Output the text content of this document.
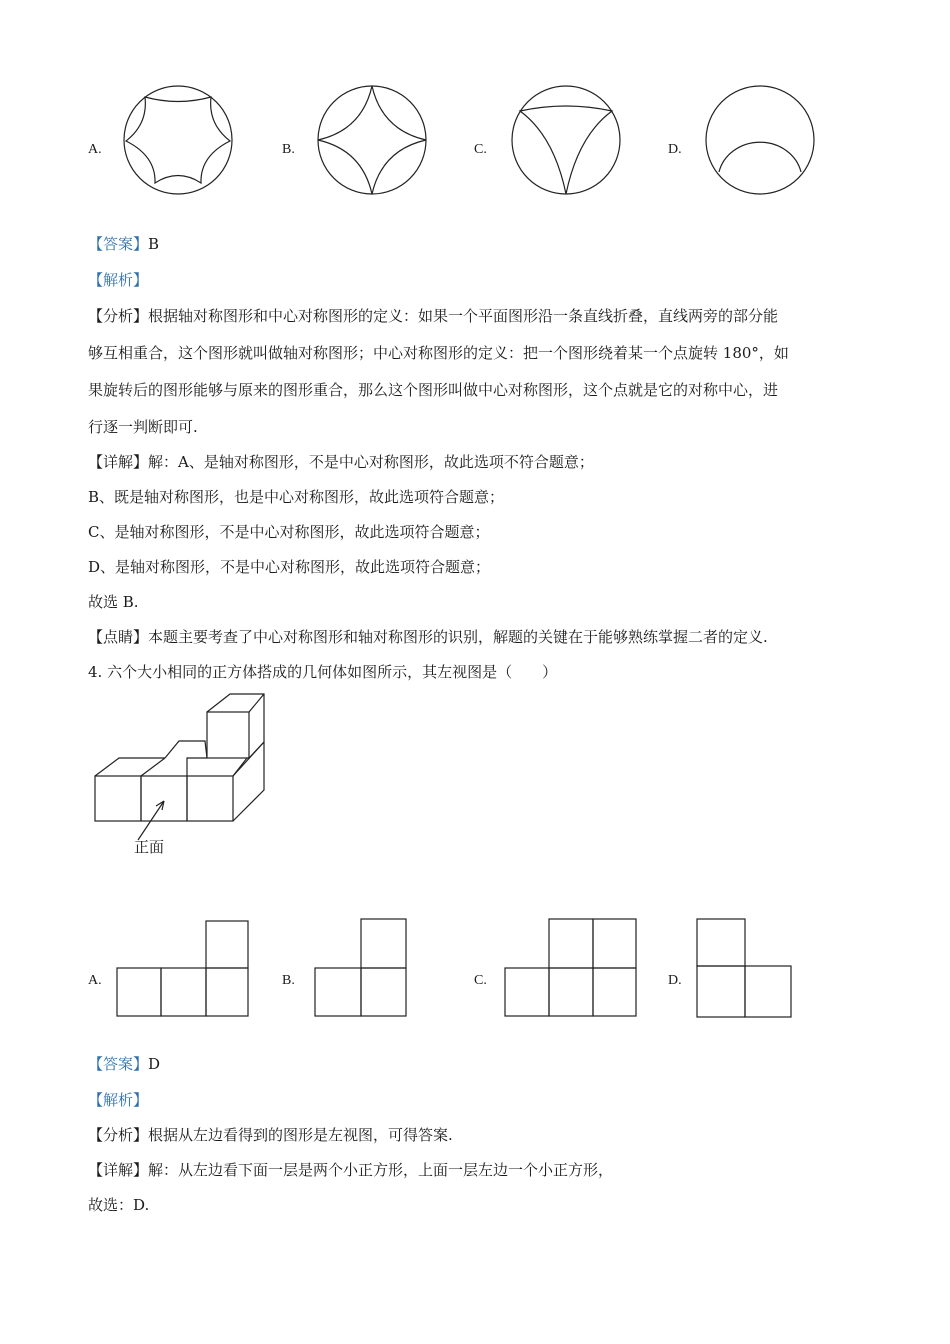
A.	B.	C.	D.
【答案】B
【解析】
【分析】根据轴对称图形和中心对称图形的定义：如果一个平面图形沿一条直线折叠，直线两旁的部分能
够互相重合，这个图形就叫做轴对称图形；中心对称图形的定义：把一个图形绕着某一个点旋转 180°，如
果旋转后的图形能够与原来的图形重合，那么这个图形叫做中心对称图形，这个点就是它的对称中心，进
行逐一判断即可.
【详解】解：A、是轴对称图形，不是中心对称图形，故此选项不符合题意；
B、既是轴对称图形，也是中心对称图形，故此选项符合题意；
C、是轴对称图形，不是中心对称图形，故此选项符合题意；
D、是轴对称图形，不是中心对称图形，故此选项符合题意；
故选 B.
【点睛】本题主要考查了中心对称图形和轴对称图形的识别，解题的关键在于能够熟练掌握二者的定义.
4. 六个大小相同的正方体搭成的几何体如图所示，其左视图是（　　）
正面
A.	B.	C.	D.
【答案】D
【解析】
【分析】根据从左边看得到的图形是左视图，可得答案.
【详解】解：从左边看下面一层是两个小正方形，上面一层左边一个小正方形，
故选：D.
